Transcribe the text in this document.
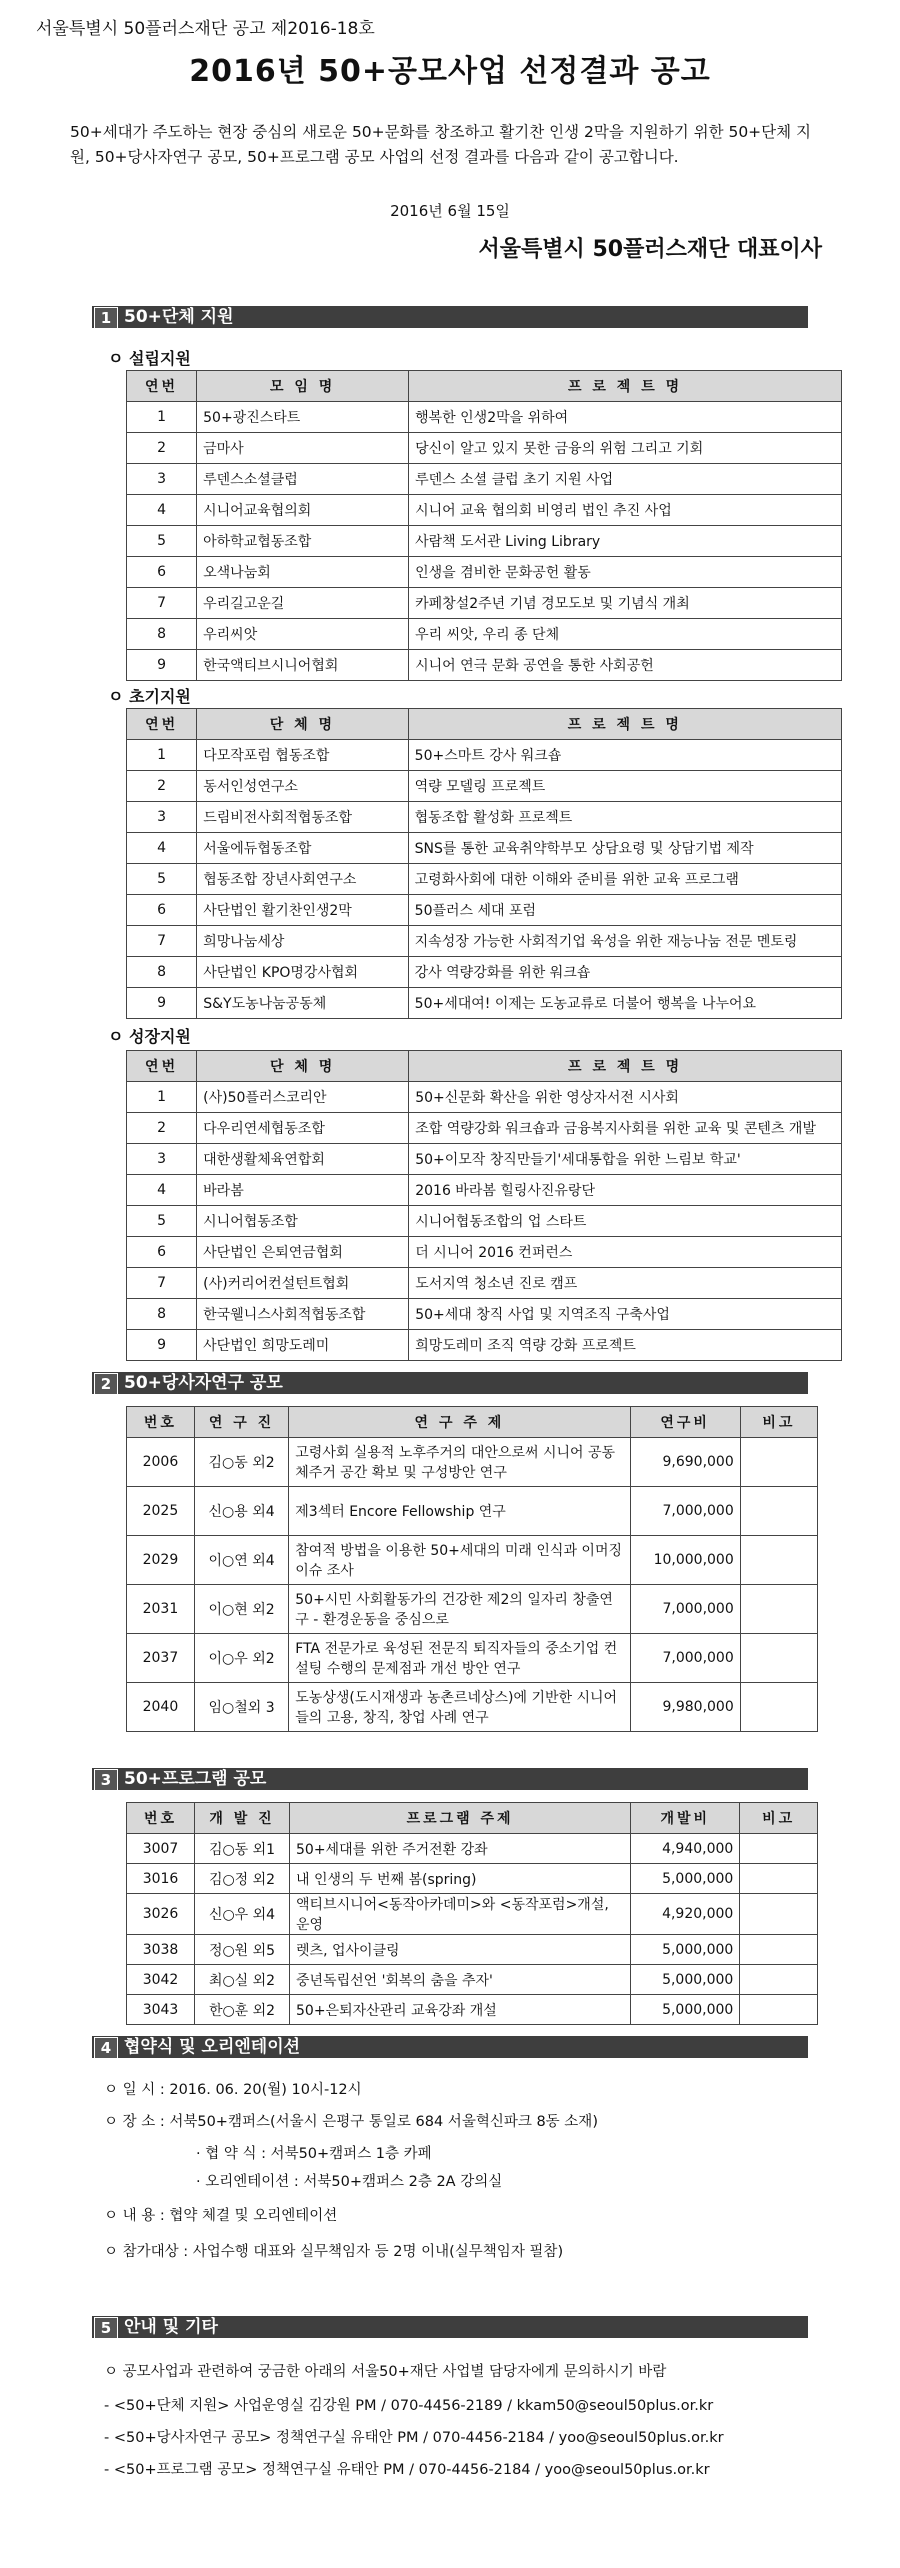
서울특별시 50플러스재단 공고 제2016-18호
2016년 50+공모사업 선정결과 공고
50+세대가 주도하는 현장 중심의 새로운 50+문화를 창조하고 활기찬 인생 2막을 지원하기 위한 50+단체 지원, 50+당사자연구 공모, 50+프로그램 공모 사업의 선정 결과를 다음과 같이 공고합니다.
2016년 6월 15일
서울특별시 50플러스재단 대표이사
1 50+단체 지원
ㅇ 설립지원
연번	모 임 명	프 로 젝 트 명
1	50+광진스타트	행복한 인생2막을 위하여
2	금마사	당신이 알고 있지 못한 금융의 위험 그리고 기회
3	루덴스소셜클럽	루덴스 소셜 클럽 초기 지원 사업
4	시니어교육협의회	시니어 교육 협의회 비영리 법인 추진 사업
5	아하학교협동조합	사람책 도서관 Living Library
6	오색나눔회	인생을 겸비한 문화공헌 활동
7	우리길고운길	카페창설2주년 기념 경모도보 및 기념식 개최
8	우리씨앗	우리 씨앗, 우리 종 단체
9	한국액티브시니어협회	시니어 연극 문화 공연을 통한 사회공헌
ㅇ 초기지원
연번	단 체 명	프 로 젝 트 명
1	다모작포럼 협동조합	50+스마트 강사 워크숍
2	동서인성연구소	역량 모델링 프로젝트
3	드림비전사회적협동조합	협동조합 활성화 프로젝트
4	서울에듀협동조합	SNS를 통한 교육취약학부모 상담요령 및 상담기법 제작
5	협동조합 장년사회연구소	고령화사회에 대한 이해와 준비를 위한 교육 프로그램
6	사단법인 활기찬인생2막	50플러스 세대 포럼
7	희망나눔세상	지속성장 가능한 사회적기업 육성을 위한 재능나눔 전문 멘토링
8	사단법인 KPO명강사협회	강사 역량강화를 위한 워크숍
9	S&Y도농나눔공동체	50+세대여! 이제는 도농교류로 더불어 행복을 나누어요
ㅇ 성장지원
연번	단 체 명	프 로 젝 트 명
1	(사)50플러스코리안	50+신문화 확산을 위한 영상자서전 시사회
2	다우리연세협동조합	조합 역량강화 워크숍과 금융복지사회를 위한 교육 및 콘텐츠 개발
3	대한생활체육연합회	50+이모작 창직만들기'세대통합을 위한 느림보 학교'
4	바라봄	2016 바라봄 힐링사진유랑단
5	시니어협동조합	시니어협동조합의 업 스타트
6	사단법인 은퇴연금협회	더 시니어 2016 컨퍼런스
7	(사)커리어컨설턴트협회	도서지역 청소년 진로 캠프
8	한국웰니스사회적협동조합	50+세대 창직 사업 및 지역조직 구축사업
9	사단법인 희망도레미	희망도레미 조직 역량 강화 프로젝트
2 50+당사자연구 공모
번호	연 구 진	연 구 주 제	연구비	비고
2006	김○동 외2	고령사회 실용적 노후주거의 대안으로써 시니어 공동체주거 공간 확보 및 구성방안 연구	9,690,000	
2025	신○용 외4	제3섹터 Encore Fellowship 연구	7,000,000	
2029	이○연 외4	참여적 방법을 이용한 50+세대의 미래 인식과 이머징 이슈 조사	10,000,000	
2031	이○현 외2	50+시민 사회활동가의 건강한 제2의 일자리 창출연구 - 환경운동을 중심으로	7,000,000	
2037	이○우 외2	FTA 전문가로 육성된 전문직 퇴직자들의 중소기업 컨설팅 수행의 문제점과 개선 방안 연구	7,000,000	
2040	임○철외 3	도농상생(도시재생과 농촌르네상스)에 기반한 시니어들의 고용, 창직, 창업 사례 연구	9,980,000	
3 50+프로그램 공모
번호	개 발 진	프로그램 주제	개발비	비고
3007	김○동 외1	50+세대를 위한 주거전환 강좌	4,940,000	
3016	김○정 외2	내 인생의 두 번째 봄(spring)	5,000,000	
3026	신○우 외4	액티브시니어<동작아카데미>와 <동작포럼>개설, 운영	4,920,000	
3038	정○원 외5	렛츠, 업사이클링	5,000,000	
3042	최○실 외2	중년독립선언 '회복의 춤을 추자'	5,000,000	
3043	한○훈 외2	50+은퇴자산관리 교육강좌 개설	5,000,000	
4 협약식 및 오리엔테이션
ㅇ 일 시 : 2016. 06. 20(월) 10시-12시
ㅇ 장 소 : 서북50+캠퍼스(서울시 은평구 통일로 684 서울혁신파크 8동 소재)
· 협 약 식 : 서북50+캠퍼스 1층 카페
· 오리엔테이션 : 서북50+캠퍼스 2층 2A 강의실
ㅇ 내 용 : 협약 체결 및 오리엔테이션
ㅇ 참가대상 : 사업수행 대표와 실무책임자 등 2명 이내(실무책임자 필참)
5 안내 및 기타
ㅇ 공모사업과 관련하여 궁금한 아래의 서울50+재단 사업별 담당자에게 문의하시기 바람
- <50+단체 지원> 사업운영실 김강원 PM / 070-4456-2189 / kkam50@seoul50plus.or.kr
- <50+당사자연구 공모> 정책연구실 유태안 PM / 070-4456-2184 / yoo@seoul50plus.or.kr
- <50+프로그램 공모> 정책연구실 유태안 PM / 070-4456-2184 / yoo@seoul50plus.or.kr
